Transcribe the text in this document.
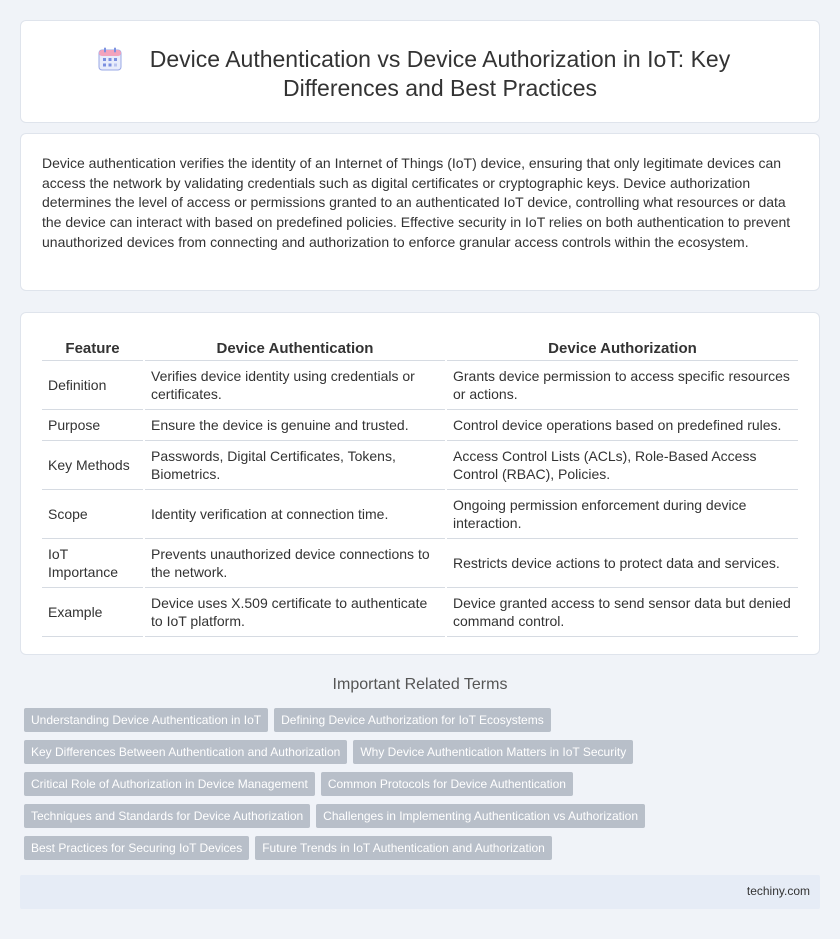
Device Authentication vs Device Authorization in IoT: Key Differences and Best Practices

Device authentication verifies the identity of an Internet of Things (IoT) device, ensuring that only legitimate devices can access the network by validating credentials such as digital certificates or cryptographic keys. Device authorization determines the level of access or permissions granted to an authenticated IoT device, controlling what resources or data the device can interact with based on predefined policies. Effective security in IoT relies on both authentication to prevent unauthorized devices from connecting and authorization to enforce granular access controls within the ecosystem.

Feature	Device Authentication	Device Authorization
Definition	Verifies device identity using credentials or certificates.	Grants device permission to access specific resources or actions.
Purpose	Ensure the device is genuine and trusted.	Control device operations based on predefined rules.
Key Methods	Passwords, Digital Certificates, Tokens, Biometrics.	Access Control Lists (ACLs), Role-Based Access Control (RBAC), Policies.
Scope	Identity verification at connection time.	Ongoing permission enforcement during device interaction.
IoT Importance	Prevents unauthorized device connections to the network.	Restricts device actions to protect data and services.
Example	Device uses X.509 certificate to authenticate to IoT platform.	Device granted access to send sensor data but denied command control.
Important Related Terms
Understanding Device Authentication in IoT Defining Device Authorization for IoT Ecosystems
Key Differences Between Authentication and Authorization Why Device Authentication Matters in IoT Security
Critical Role of Authorization in Device Management Common Protocols for Device Authentication
Techniques and Standards for Device Authorization Challenges in Implementing Authentication vs Authorization
Best Practices for Securing IoT Devices Future Trends in IoT Authentication and Authorization
techiny.com
